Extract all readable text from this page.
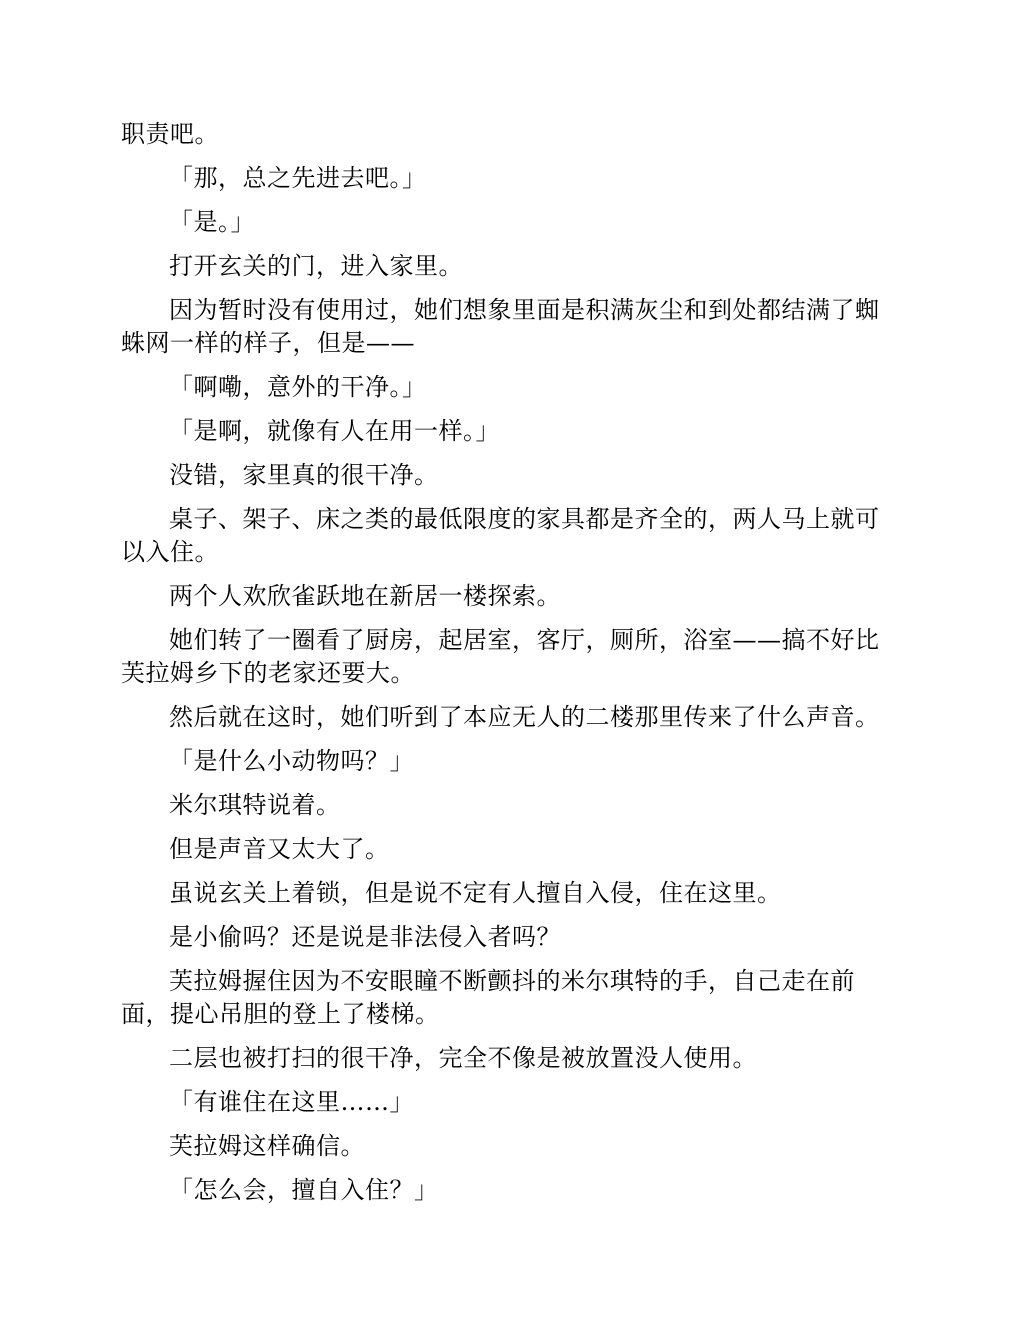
职责吧。

「那，总之先进去吧。」

「是。」

打开玄关的门，进入家里。

因为暂时没有使用过，她们想象里面是积满灰尘和到处都结满了蜘蛛网一样的样子，但是——

「啊嘞，意外的干净。」

「是啊，就像有人在用一样。」

没错，家里真的很干净。

桌子、架子、床之类的最低限度的家具都是齐全的，两人马上就可以入住。

两个人欢欣雀跃地在新居一楼探索。

她们转了一圈看了厨房，起居室，客厅，厕所，浴室——搞不好比芙拉姆乡下的老家还要大。

然后就在这时，她们听到了本应无人的二楼那里传来了什么声音。

「是什么小动物吗？」

米尔琪特说着。

但是声音又太大了。

虽说玄关上着锁，但是说不定有人擅自入侵，住在这里。

是小偷吗？还是说是非法侵入者吗？

芙拉姆握住因为不安眼瞳不断颤抖的米尔琪特的手，自己走在前面，提心吊胆的登上了楼梯。

二层也被打扫的很干净，完全不像是被放置没人使用。

「有谁住在这里……」

芙拉姆这样确信。

「怎么会，擅自入住？」
